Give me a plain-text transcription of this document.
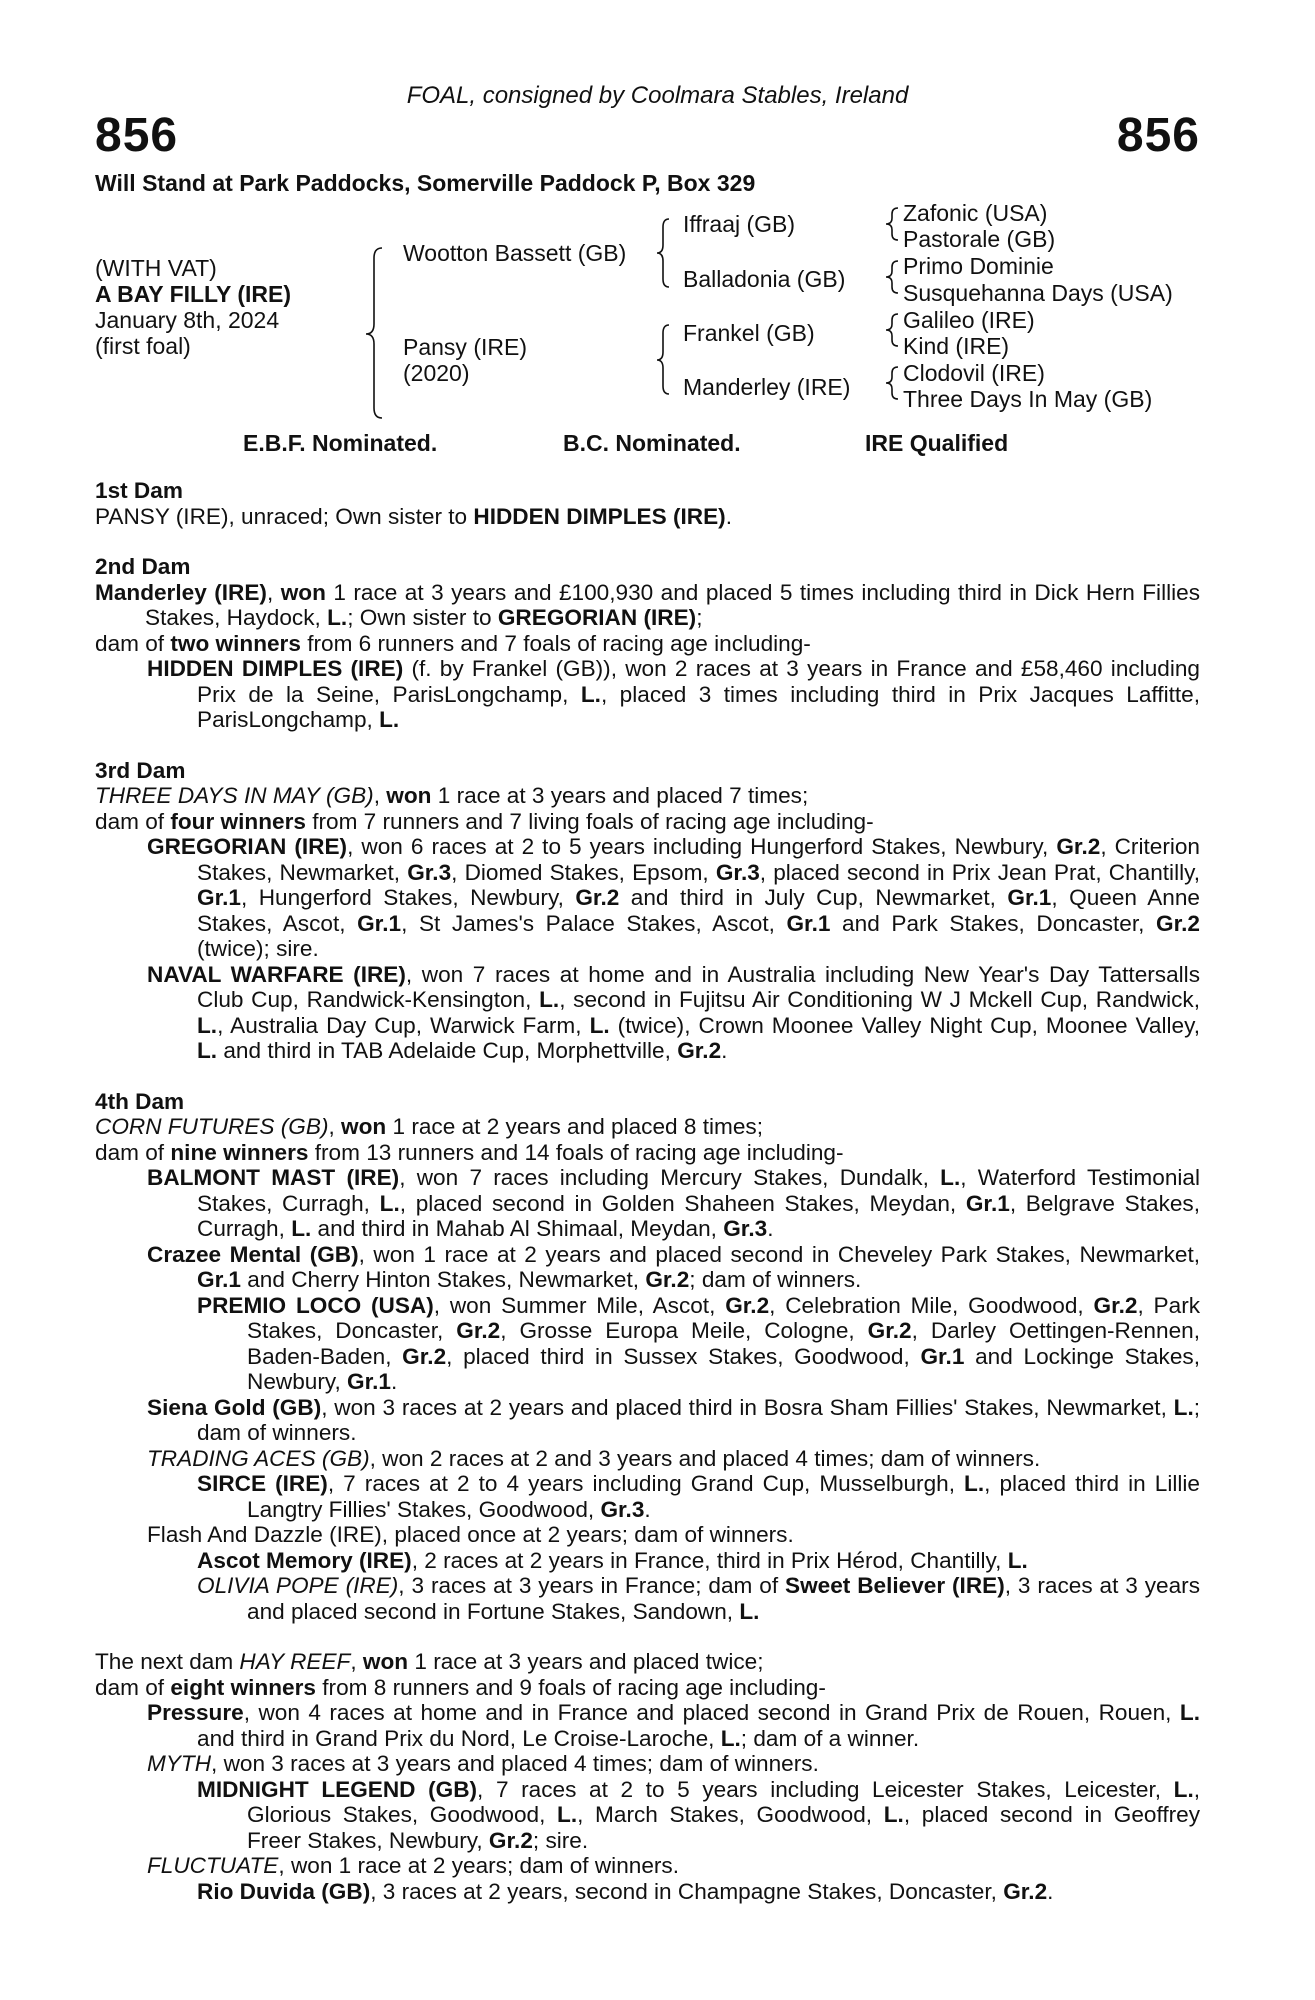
FOAL, consigned by Coolmara Stables, Ireland
856	856
Will Stand at Park Paddocks, Somerville Paddock P, Box 329
(WITH VAT)
A BAY FILLY (IRE)
January 8th, 2024
(first foal)
Wootton Bassett (GB)
Pansy (IRE)
(2020)
Iffraaj (GB)
Balladonia (GB)
Frankel (GB)
Manderley (IRE)
Zafonic (USA)
Pastorale (GB)
Primo Dominie
Susquehanna Days (USA)
Galileo (IRE)
Kind (IRE)
Clodovil (IRE)
Three Days In May (GB)
E.B.F. Nominated.	B.C. Nominated.	IRE Qualified
1st Dam
PANSY (IRE), unraced; Own sister to HIDDEN DIMPLES (IRE).
2nd Dam
Manderley (IRE), won 1 race at 3 years and £100,930 and placed 5 times including third in Dick Hern Fillies Stakes, Haydock, L.; Own sister to GREGORIAN (IRE);
dam of two winners from 6 runners and 7 foals of racing age including-
HIDDEN DIMPLES (IRE) (f. by Frankel (GB)), won 2 races at 3 years in France and £58,460 including Prix de la Seine, ParisLongchamp, L., placed 3 times including third in Prix Jacques Laffitte, ParisLongchamp, L.
3rd Dam
THREE DAYS IN MAY (GB), won 1 race at 3 years and placed 7 times;
dam of four winners from 7 runners and 7 living foals of racing age including-
GREGORIAN (IRE), won 6 races at 2 to 5 years including Hungerford Stakes, Newbury, Gr.2, Criterion Stakes, Newmarket, Gr.3, Diomed Stakes, Epsom, Gr.3, placed second in Prix Jean Prat, Chantilly, Gr.1, Hungerford Stakes, Newbury, Gr.2 and third in July Cup, Newmarket, Gr.1, Queen Anne Stakes, Ascot, Gr.1, St James's Palace Stakes, Ascot, Gr.1 and Park Stakes, Doncaster, Gr.2 (twice); sire.
NAVAL WARFARE (IRE), won 7 races at home and in Australia including New Year's Day Tattersalls Club Cup, Randwick-Kensington, L., second in Fujitsu Air Conditioning W J Mckell Cup, Randwick, L., Australia Day Cup, Warwick Farm, L. (twice), Crown Moonee Valley Night Cup, Moonee Valley, L. and third in TAB Adelaide Cup, Morphettville, Gr.2.
4th Dam
CORN FUTURES (GB), won 1 race at 2 years and placed 8 times;
dam of nine winners from 13 runners and 14 foals of racing age including-
BALMONT MAST (IRE), won 7 races including Mercury Stakes, Dundalk, L., Waterford Testimonial Stakes, Curragh, L., placed second in Golden Shaheen Stakes, Meydan, Gr.1, Belgrave Stakes, Curragh, L. and third in Mahab Al Shimaal, Meydan, Gr.3.
Crazee Mental (GB), won 1 race at 2 years and placed second in Cheveley Park Stakes, Newmarket, Gr.1 and Cherry Hinton Stakes, Newmarket, Gr.2; dam of winners.
PREMIO LOCO (USA), won Summer Mile, Ascot, Gr.2, Celebration Mile, Goodwood, Gr.2, Park Stakes, Doncaster, Gr.2, Grosse Europa Meile, Cologne, Gr.2, Darley Oettingen-Rennen, Baden-Baden, Gr.2, placed third in Sussex Stakes, Goodwood, Gr.1 and Lockinge Stakes, Newbury, Gr.1.
Siena Gold (GB), won 3 races at 2 years and placed third in Bosra Sham Fillies' Stakes, Newmarket, L.; dam of winners.
TRADING ACES (GB), won 2 races at 2 and 3 years and placed 4 times; dam of winners.
SIRCE (IRE), 7 races at 2 to 4 years including Grand Cup, Musselburgh, L., placed third in Lillie Langtry Fillies' Stakes, Goodwood, Gr.3.
Flash And Dazzle (IRE), placed once at 2 years; dam of winners.
Ascot Memory (IRE), 2 races at 2 years in France, third in Prix Hérod, Chantilly, L.
OLIVIA POPE (IRE), 3 races at 3 years in France; dam of Sweet Believer (IRE), 3 races at 3 years and placed second in Fortune Stakes, Sandown, L.
The next dam HAY REEF, won 1 race at 3 years and placed twice;
dam of eight winners from 8 runners and 9 foals of racing age including-
Pressure, won 4 races at home and in France and placed second in Grand Prix de Rouen, Rouen, L. and third in Grand Prix du Nord, Le Croise-Laroche, L.; dam of a winner.
MYTH, won 3 races at 3 years and placed 4 times; dam of winners.
MIDNIGHT LEGEND (GB), 7 races at 2 to 5 years including Leicester Stakes, Leicester, L., Glorious Stakes, Goodwood, L., March Stakes, Goodwood, L., placed second in Geoffrey Freer Stakes, Newbury, Gr.2; sire.
FLUCTUATE, won 1 race at 2 years; dam of winners.
Rio Duvida (GB), 3 races at 2 years, second in Champagne Stakes, Doncaster, Gr.2.
